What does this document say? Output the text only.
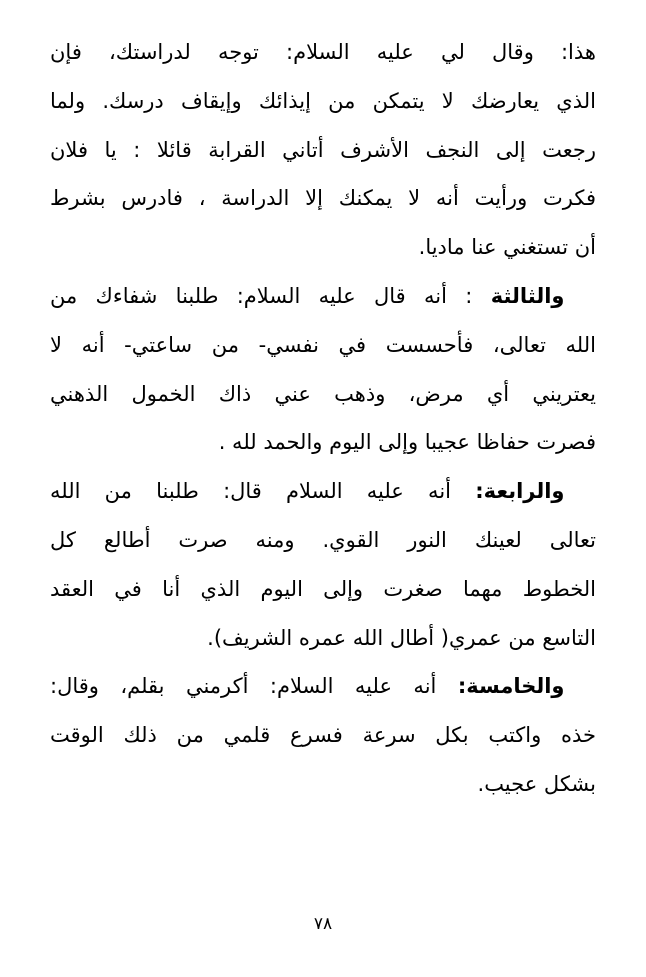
هذا: وقال لي عليه السلام: توجه لدراستك، فإن
الذي يعارضك لا يتمكن من إيذائك وإيقاف درسك. ولما
رجعت إلى النجف الأشرف أتاني القرابة قائلا : يا فلان
فكرت ورأيت أنه لا يمكنك إلا الدراسة ، فادرس بشرط
أن تستغني عنا ماديا.
  والثالثة : أنه قال عليه السلام: طلبنا شفاءك من
الله تعالى، فأحسست في نفسي- من ساعتي- أنه لا
يعتريني أي مرض، وذهب عني ذاك الخمول الذهني
فصرت حفاظا عجيبا وإلى اليوم والحمد لله .
  والرابعة: أنه عليه السلام قال: طلبنا من الله
تعالى لعينك النور القوي. ومنه صرت أطالع كل
الخطوط مهما صغرت وإلى اليوم الذي أنا في العقد
التاسع من عمري( أطال الله عمره الشريف).
  والخامسة: أنه عليه السلام: أكرمني بقلم، وقال:
خذه واكتب بكل سرعة فسرع قلمي من ذلك الوقت
بشكل عجيب.
٧٨
